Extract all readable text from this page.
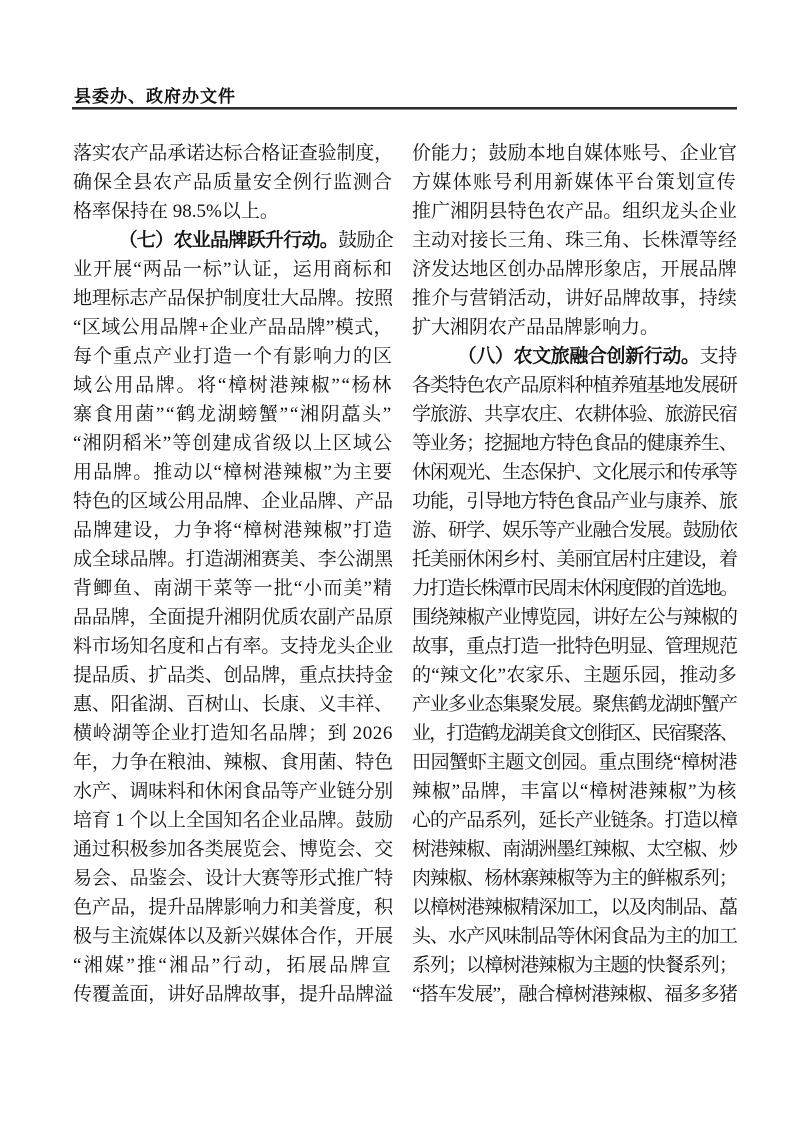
县委办、政府办文件
落实农产品承诺达标合格证查验制度，
确保全县农产品质量安全例行监测合
格率保持在 98.5%以上。
（七）农业品牌跃升行动。鼓励企
业开展“两品一标”认证，运用商标和
地理标志产品保护制度壮大品牌。按照
“区域公用品牌+企业产品品牌”模式，
每个重点产业打造一个有影响力的区
域公用品牌。将“樟树港辣椒”“杨林
寨食用菌”“鹤龙湖螃蟹”“湘阴藠头”
“湘阴稻米”等创建成省级以上区域公
用品牌。推动以“樟树港辣椒”为主要
特色的区域公用品牌、企业品牌、产品
品牌建设，力争将“樟树港辣椒”打造
成全球品牌。打造湖湘赛美、李公湖黑
背鲫鱼、南湖干菜等一批“小而美”精
品品牌，全面提升湘阴优质农副产品原
料市场知名度和占有率。支持龙头企业
提品质、扩品类、创品牌，重点扶持金
惠、阳雀湖、百树山、长康、义丰祥、
横岭湖等企业打造知名品牌；到 2026
年，力争在粮油、辣椒、食用菌、特色
水产、调味料和休闲食品等产业链分别
培育 1 个以上全国知名企业品牌。鼓励
通过积极参加各类展览会、博览会、交
易会、品鉴会、设计大赛等形式推广特
色产品，提升品牌影响力和美誉度，积
极与主流媒体以及新兴媒体合作，开展
“湘媒”推“湘品”行动，拓展品牌宣
传覆盖面，讲好品牌故事，提升品牌溢
价能力；鼓励本地自媒体账号、企业官
方媒体账号利用新媒体平台策划宣传
推广湘阴县特色农产品。组织龙头企业
主动对接长三角、珠三角、长株潭等经
济发达地区创办品牌形象店，开展品牌
推介与营销活动，讲好品牌故事，持续
扩大湘阴农产品品牌影响力。
（八）农文旅融合创新行动。支持
各类特色农产品原料种植养殖基地发展研
学旅游、共享农庄、农耕体验、旅游民宿
等业务；挖掘地方特色食品的健康养生、
休闲观光、生态保护、文化展示和传承等
功能，引导地方特色食品产业与康养、旅
游、研学、娱乐等产业融合发展。鼓励依
托美丽休闲乡村、美丽宜居村庄建设，着
力打造长株潭市民周末休闲度假的首选地。
围绕辣椒产业博览园，讲好左公与辣椒的
故事，重点打造一批特色明显、管理规范
的“辣文化”农家乐、主题乐园，推动多
产业多业态集聚发展。聚焦鹤龙湖虾蟹产
业，打造鹤龙湖美食文创街区、民宿聚落、
田园蟹虾主题文创园。重点围绕“樟树港
辣椒”品牌，丰富以“樟树港辣椒”为核
心的产品系列，延长产业链条。打造以樟
树港辣椒、南湖洲墨红辣椒、太空椒、炒
肉辣椒、杨林寨辣椒等为主的鲜椒系列；
以樟树港辣椒精深加工，以及肉制品、藠
头、水产风味制品等休闲食品为主的加工
系列；以樟树港辣椒为主题的快餐系列；
“搭车发展”，融合樟树港辣椒、福多多猪
